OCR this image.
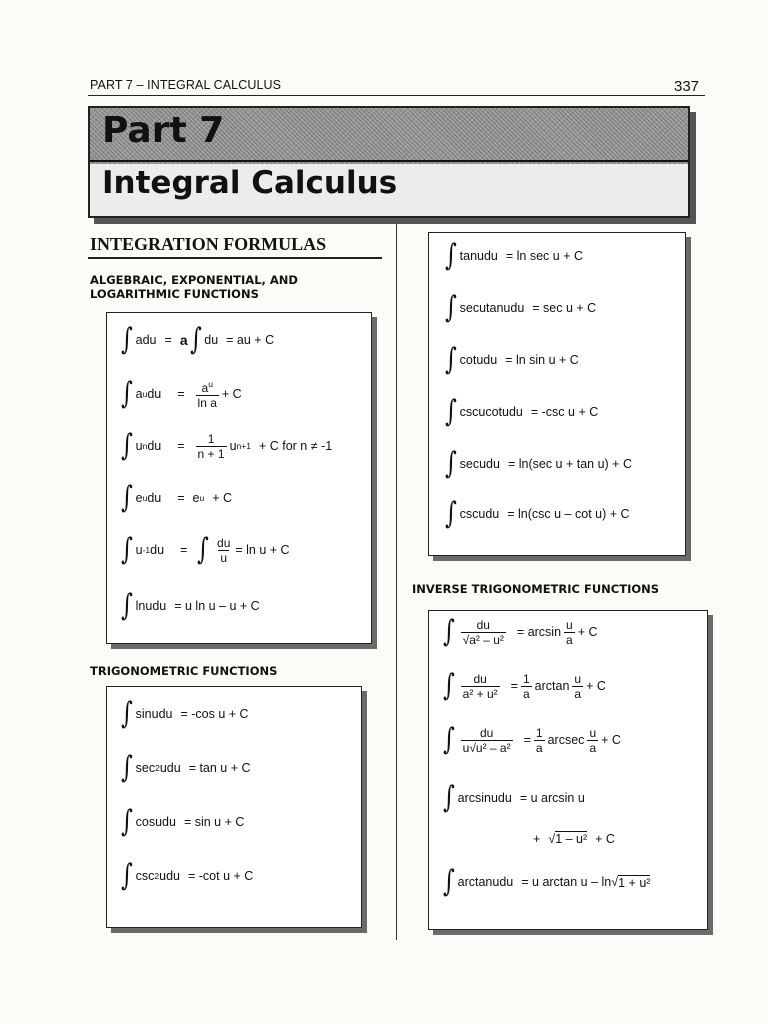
PART 7 – INTEGRAL CALCULUS	337
Part 7
Integral Calculus
INTEGRATION FORMULAS
ALGEBRAIC, EXPONENTIAL, AND LOGARITHMIC FUNCTIONS
∫ adu = a ∫ du = au + C
∫ a u du = $\frac{a^u}{\text{ln a}} + C$
∫ u n du = $\frac{1}{n + 1}$ u n+1 + C for n ≠ -1
∫ e u du = e u + C
∫ u -1 du = ∫ $\frac{du}{u} = \ln u + C$
∫ lnudu = u ln u – u + C
TRIGONOMETRIC FUNCTIONS
∫ sinudu = -cos u + C
∫ sec 2 udu = tan u + C
∫ cosudu = sin u + C
∫ csc 2 udu = -cot u + C
∫ tanudu = ln sec u + C
∫ secutanudu = sec u + C
∫ cotudu = ln sin u + C
∫ cscucotudu = -csc u + C
∫ secudu = ln(sec u + tan u) + C
∫ cscudu = ln(csc u – cot u) + C
INVERSE TRIGONOMETRIC FUNCTIONS
∫ $\frac{du}{\text{√a² – u²}} = \arcsin \frac{u}{a} + C$
∫ $\frac{du}{\text{a² + u²}} = \frac{1}{a}$ $\arctan \frac{u}{a} + C$
∫ $\frac{du}{\text{u√u² – a²}} = \frac{1}{a}$ arcsec $\frac{u}{a} + C$
∫ arcsinudu = u arcsin u
+ √ 1 – u² + C
∫ arctanudu = u arctan u – ln √ 1 + u²
